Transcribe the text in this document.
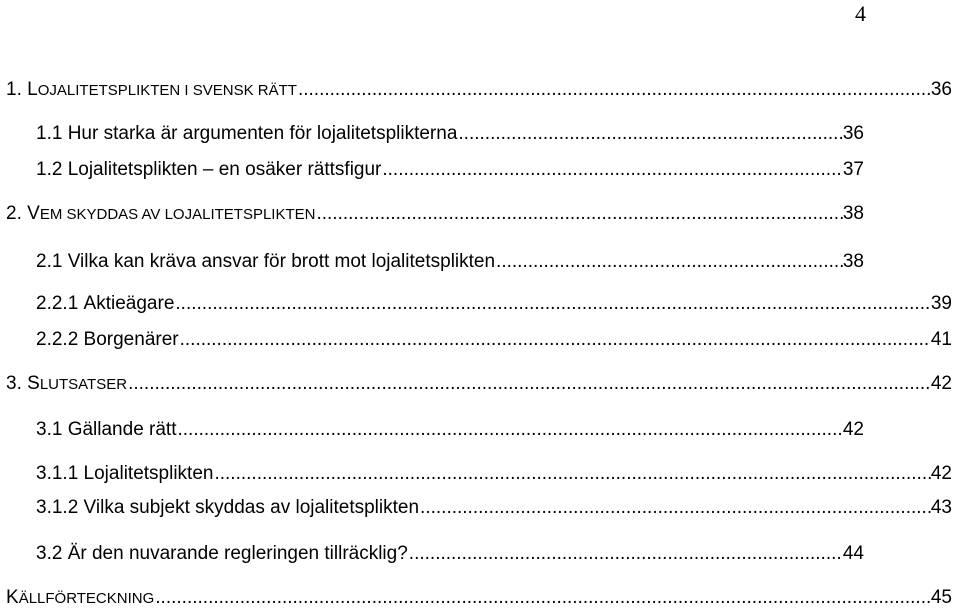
4
1. LOJALITETSPLIKTEN I SVENSK RÄTT .....	36
1.1 Hur starka är argumenten för lojalitetsplikterna .....	36
1.2 Lojalitetsplikten – en osäker rättsfigur .....	37
2. VEM SKYDDAS AV LOJALITETSPLIKTEN .....	38
2.1 Vilka kan kräva ansvar för brott mot lojalitetsplikten .....	38
2.2.1 Aktieägare .....	39
2.2.2 Borgenärer .....	41
3. SLUTSATSER .....	42
3.1 Gällande rätt .....	42
3.1.1 Lojalitetsplikten .....	42
3.1.2 Vilka subjekt skyddas av lojalitetsplikten .....	43
3.2 Är den nuvarande regleringen tillräcklig? .....	44
KÄLLFÖRTECKNING .....	45
